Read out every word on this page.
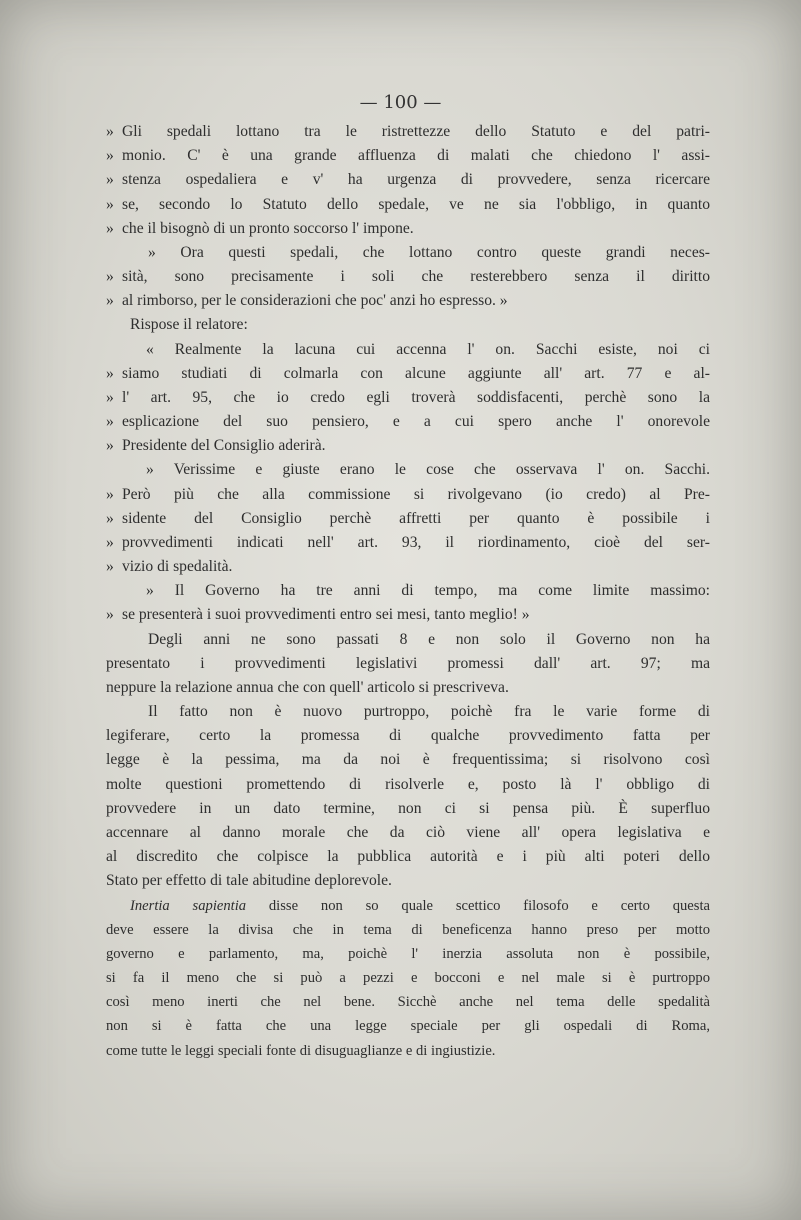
— 100 —
» Gli spedali lottano tra le ristrettezze dello Statuto e del patri-
» monio. C' è una grande affluenza di malati che chiedono l' assi-
» stenza ospedaliera e v' ha urgenza di provvedere, senza ricercare
» se, secondo lo Statuto dello spedale, ve ne sia l'obbligo, in quanto
» che il bisognò di un pronto soccorso l' impone.
» Ora questi spedali, che lottano contro queste grandi neces-
» sità, sono precisamente i soli che resterebbero senza il diritto
» al rimborso, per le considerazioni che poc' anzi ho espresso. »
Rispose il relatore:
« Realmente la lacuna cui accenna l' on. Sacchi esiste, noi ci
» siamo studiati di colmarla con alcune aggiunte all' art. 77 e al-
» l' art. 95, che io credo egli troverà soddisfacenti, perchè sono la
» esplicazione del suo pensiero, e a cui spero anche l' onorevole
» Presidente del Consiglio aderirà.
» Verissime e giuste erano le cose che osservava l' on. Sacchi.
» Però più che alla commissione si rivolgevano (io credo) al Pre-
» sidente del Consiglio perchè affretti per quanto è possibile i
» provvedimenti indicati nell' art. 93, il riordinamento, cioè del ser-
» vizio di spedalità.
» Il Governo ha tre anni di tempo, ma come limite massimo:
» se presenterà i suoi provvedimenti entro sei mesi, tanto meglio! »
Degli anni ne sono passati 8 e non solo il Governo non ha
presentato i provvedimenti legislativi promessi dall' art. 97; ma
neppure la relazione annua che con quell' articolo si prescriveva.
Il fatto non è nuovo purtroppo, poichè fra le varie forme di
legiferare, certo la promessa di qualche provvedimento fatta per
legge è la pessima, ma da noi è frequentissima; si risolvono così
molte questioni promettendo di risolverle e, posto là l' obbligo di
provvedere in un dato termine, non ci si pensa più. È superfluo
accennare al danno morale che da ciò viene all' opera legislativa e
al discredito che colpisce la pubblica autorità e i più alti poteri dello
Stato per effetto di tale abitudine deplorevole.
Inertia sapientia disse non so quale scettico filosofo e certo questa
deve essere la divisa che in tema di beneficenza hanno preso per motto
governo e parlamento, ma, poichè l' inerzia assoluta non è possibile,
si fa il meno che si può a pezzi e bocconi e nel male si è purtroppo
così meno inerti che nel bene. Sicchè anche nel tema delle spedalità
non si è fatta che una legge speciale per gli ospedali di Roma,
come tutte le leggi speciali fonte di disuguaglianze e di ingiustizie.
